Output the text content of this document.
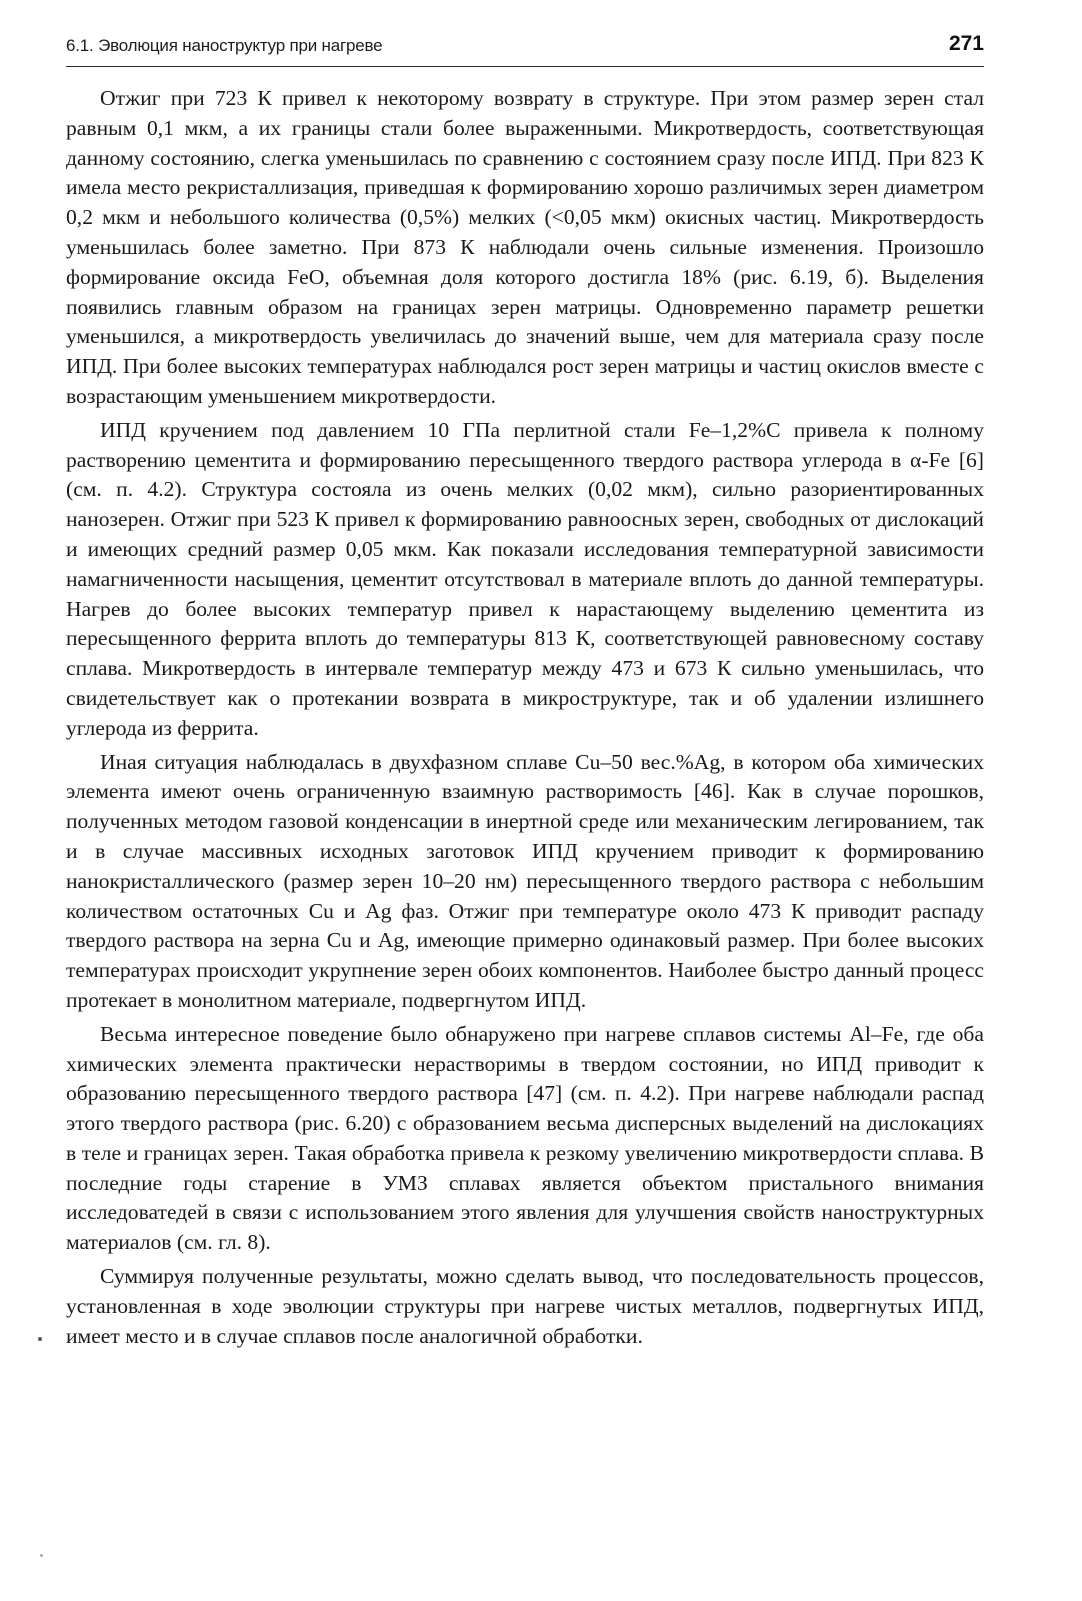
6.1. Эволюция наноструктур при нагреве	271

Отжиг при 723 К привел к некоторому возврату в структуре. При этом размер зерен стал равным 0,1 мкм, а их границы стали более выраженными. Микротвердость, соответствующая данному состоянию, слегка уменьшилась по сравнению с состоянием сразу после ИПД. При 823 К имела место рекристаллизация, приведшая к формированию хорошо различимых зерен диаметром 0,2 мкм и небольшого количества (0,5%) мелких (<0,05 мкм) окисных частиц. Микротвердость уменьшилась более заметно. При 873 К наблюдали очень сильные изменения. Произошло формирование оксида FeO, объемная доля которого достигла 18% (рис. 6.19, б). Выделения появились главным образом на границах зерен матрицы. Одновременно параметр решетки уменьшился, а микротвердость увеличилась до значений выше, чем для материала сразу после ИПД. При более высоких температурах наблюдался рост зерен матрицы и частиц окислов вместе с возрастающим уменьшением микротвердости.

ИПД кручением под давлением 10 ГПа перлитной стали Fe–1,2%С привела к полному растворению цементита и формированию пересыщенного твердого раствора углерода в α-Fe [6] (см. п. 4.2). Структура состояла из очень мелких (0,02 мкм), сильно разориентированных нанозерен. Отжиг при 523 К привел к формированию равноосных зерен, свободных от дислокаций и имеющих средний размер 0,05 мкм. Как показали исследования температурной зависимости намагниченности насыщения, цементит отсутствовал в материале вплоть до данной температуры. Нагрев до более высоких температур привел к нарастающему выделению цементита из пересыщенного феррита вплоть до температуры 813 К, соответствующей равновесному составу сплава. Микротвердость в интервале температур между 473 и 673 К сильно уменьшилась, что свидетельствует как о протекании возврата в микроструктуре, так и об удалении излишнего углерода из феррита.

Иная ситуация наблюдалась в двухфазном сплаве Cu–50 вес.%Ag, в котором оба химических элемента имеют очень ограниченную взаимную растворимость [46]. Как в случае порошков, полученных методом газовой конденсации в инертной среде или механическим легированием, так и в случае массивных исходных заготовок ИПД кручением приводит к формированию нанокристаллического (размер зерен 10–20 нм) пересыщенного твердого раствора с небольшим количеством остаточных Cu и Ag фаз. Отжиг при температуре около 473 К приводит распаду твердого раствора на зерна Cu и Ag, имеющие примерно одинаковый размер. При более высоких температурах происходит укрупнение зерен обоих компонентов. Наиболее быстро данный процесс протекает в монолитном материале, подвергнутом ИПД.

Весьма интересное поведение было обнаружено при нагреве сплавов системы Al–Fe, где оба химических элемента практически нерастворимы в твердом состоянии, но ИПД приводит к образованию пересыщенного твердого раствора [47] (см. п. 4.2). При нагреве наблюдали распад этого твердого раствора (рис. 6.20) с образованием весьма дисперсных выделений на дислокациях в теле и границах зерен. Такая обработка привела к резкому увеличению микротвердости сплава. В последние годы старение в УМЗ сплавах является объектом пристального внимания исследоватедей в связи с использованием этого явления для улучшения свойств наноструктурных материалов (см. гл. 8).

Суммируя полученные результаты, можно сделать вывод, что последовательность процессов, установленная в ходе эволюции структуры при нагреве чистых металлов, подвергнутых ИПД, имеет место и в случае сплавов после аналогичной обработки.
